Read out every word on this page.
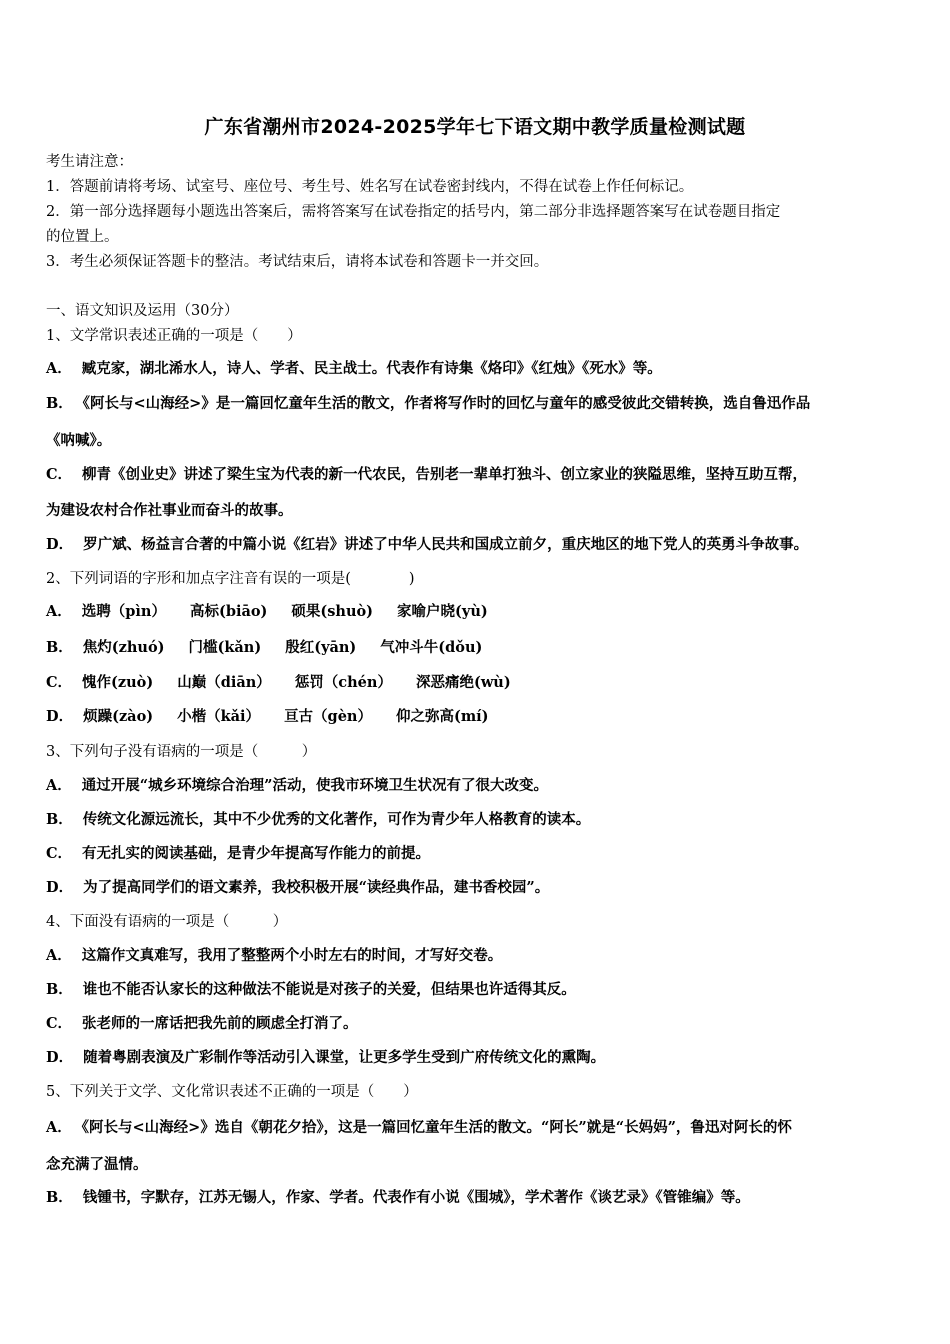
广东省潮州市2024-2025学年七下语文期中教学质量检测试题
考生请注意：
1．答题前请将考场、试室号、座位号、考生号、姓名写在试卷密封线内，不得在试卷上作任何标记。
2．第一部分选择题每小题选出答案后，需将答案写在试卷指定的括号内，第二部分非选择题答案写在试卷题目指定
的位置上。
3．考生必须保证答题卡的整洁。考试结束后，请将本试卷和答题卡一并交回。
一、语文知识及运用（30分）
1、文学常识表述正确的一项是（　　）
A． 臧克家，湖北浠水人，诗人、学者、民主战士。代表作有诗集《烙印》《红烛》《死水》等。
B． 《阿长与<山海经>》是一篇回忆童年生活的散文，作者将写作时的回忆与童年的感受彼此交错转换，选自鲁迅作品
《呐喊》。
C． 柳青《创业史》讲述了梁生宝为代表的新一代农民，告别老一辈单打独斗、创立家业的狭隘思维，坚持互助互帮，
为建设农村合作社事业而奋斗的故事。
D． 罗广斌、杨益言合著的中篇小说《红岩》讲述了中华人民共和国成立前夕，重庆地区的地下党人的英勇斗争故事。
2、下列词语的字形和加点字注音有误的一项是(　　　　)
A． 选聘（pìn） 高标(biāo) 硕果(shuò) 家喻户晓(yù)
B． 焦灼(zhuó) 门槛(kǎn) 殷红(yān) 气冲斗牛(dǒu)
C． 愧作(zuò) 山巅（diān） 惩罚（chén） 深恶痛绝(wù)
D． 烦躁(zào) 小楷（kǎi） 亘古（gèn） 仰之弥高(mí)
3、下列句子没有语病的一项是（　　　）
A． 通过开展“城乡环境综合治理”活动，使我市环境卫生状况有了很大改变。
B． 传统文化源远流长，其中不少优秀的文化著作，可作为青少年人格教育的读本。
C． 有无扎实的阅读基础，是青少年提高写作能力的前提。
D． 为了提高同学们的语文素养，我校积极开展“读经典作品，建书香校园”。
4、下面没有语病的一项是（　　　）
A． 这篇作文真难写，我用了整整两个小时左右的时间，才写好交卷。
B． 谁也不能否认家长的这种做法不能说是对孩子的关爱，但结果也许适得其反。
C． 张老师的一席话把我先前的顾虑全打消了。
D． 随着粤剧表演及广彩制作等活动引入课堂，让更多学生受到广府传统文化的熏陶。
5、下列关于文学、文化常识表述不正确的一项是（　　）
A． 《阿长与<山海经>》选自《朝花夕拾》，这是一篇回忆童年生活的散文。“阿长”就是“长妈妈”，鲁迅对阿长的怀
念充满了温情。
B． 钱锺书，字默存，江苏无锡人，作家、学者。代表作有小说《围城》，学术著作《谈艺录》《管锥编》等。
